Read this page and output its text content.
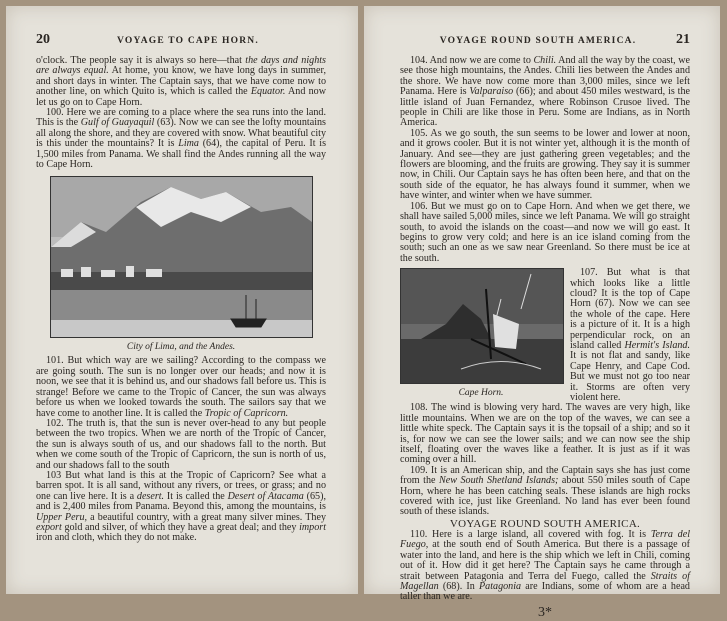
20	VOYAGE TO CAPE HORN.

o'clock. The people say it is always so here—that the days and nights are always equal. At home, you know, we have long days in summer, and short days in winter. The Captain says, that we have come now to another line, on which Quito is, which is called the Equator. And now let us go on to Cape Horn.

100. Here we are coming to a place where the sea runs into the land. This is the Gulf of Guayaquil (63). Now we can see the lofty mountains all along the shore, and they are covered with snow. What beautiful city is this under the mountains? It is Lima (64), the capital of Peru. It is 1,500 miles from Panama. We shall find the Andes running all the way to Cape Horn.

City of Lima, and the Andes.

101. But which way are we sailing? According to the compass we are going south. The sun is no longer over our heads; and now it is noon, we see that it is behind us, and our shadows fall before us. This is strange! Before we came to the Tropic of Cancer, the sun was always before us when we looked towards the south. The sailors say that we have come to another line. It is called the Tropic of Capricorn.

102. The truth is, that the sun is never over-head to any but people between the two tropics. When we are north of the Tropic of Cancer, the sun is always south of us, and our shadows fall to the north. But when we come south of the Tropic of Capricorn, the sun is north of us, and our shadows fall to the south

103 But what land is this at the Tropic of Capricorn? See what a barren spot. It is all sand, without any rivers, or trees, or grass; and no one can live here. It is a desert. It is called the Desert of Atacama (65), and is 2,400 miles from Panama. Beyond this, among the mountains, is Upper Peru, a beautiful country, with a great many silver mines. They export gold and silver, of which they have a great deal; and they import iron and cloth, which they do not make.

VOYAGE ROUND SOUTH AMERICA.	21

104. And now we are come to Chili. And all the way by the coast, we see those high mountains, the Andes. Chili lies between the Andes and the shore. We have now come more than 3,000 miles, since we left Panama. Here is Valparaiso (66); and about 450 miles westward, is the little island of Juan Fernandez, where Robinson Crusoe lived. The people in Chili are like those in Peru. Some are Indians, as in North America.

105. As we go south, the sun seems to be lower and lower at noon, and it grows cooler. But it is not winter yet, although it is the month of January. And see—they are just gathering green vegetables; and the flowers are blooming, and the fruits are growing. They say it is summer now, in Chili. Our Captain says he has often been here, and that on the south side of the equator, he has always found it summer, when we have winter, and winter when we have summer.

106. But we must go on to Cape Horn. And when we get there, we shall have sailed 5,000 miles, since we left Panama. We will go straight south, to avoid the islands on the coast—and now we will go east. It begins to grow very cold; and here is an ice island coming from the south; such an one as we saw near Greenland. So there must be ice at the south.

Cape Horn.

107. But what is that which looks like a little cloud? It is the top of Cape Horn (67). Now we can see the whole of the cape. Here is a picture of it. It is a high perpendicular rock, on an island called Hermit's Island. It is not flat and sandy, like Cape Henry, and Cape Cod. But we must not go too near it. Storms are often very violent here.

108. The wind is blowing very hard. The waves are very high, like little mountains. When we are on the top of the waves, we can see a little white speck. The Captain says it is the topsail of a ship; and so it is, for now we can see the lower sails; and we can now see the ship itself, floating over the waves like a feather. It is just as if it was coming over a hill.

109. It is an American ship, and the Captain says she has just come from the New South Shetland Islands; about 550 miles south of Cape Horn, where he has been catching seals. These islands are high rocks covered with ice, just like Greenland. No land has ever been found south of these islands.

VOYAGE ROUND SOUTH AMERICA.

110. Here is a large island, all covered with fog. It is Terra del Fuego, at the south end of South America. But there is a passage of water into the land, and here is the ship which we left in Chili, coming out of it. How did it get here? The Captain says he came through a strait between Patagonia and Terra del Fuego, called the Straits of Magellan (68). In Patagonia are Indians, some of whom are a head taller than we are.

3*
